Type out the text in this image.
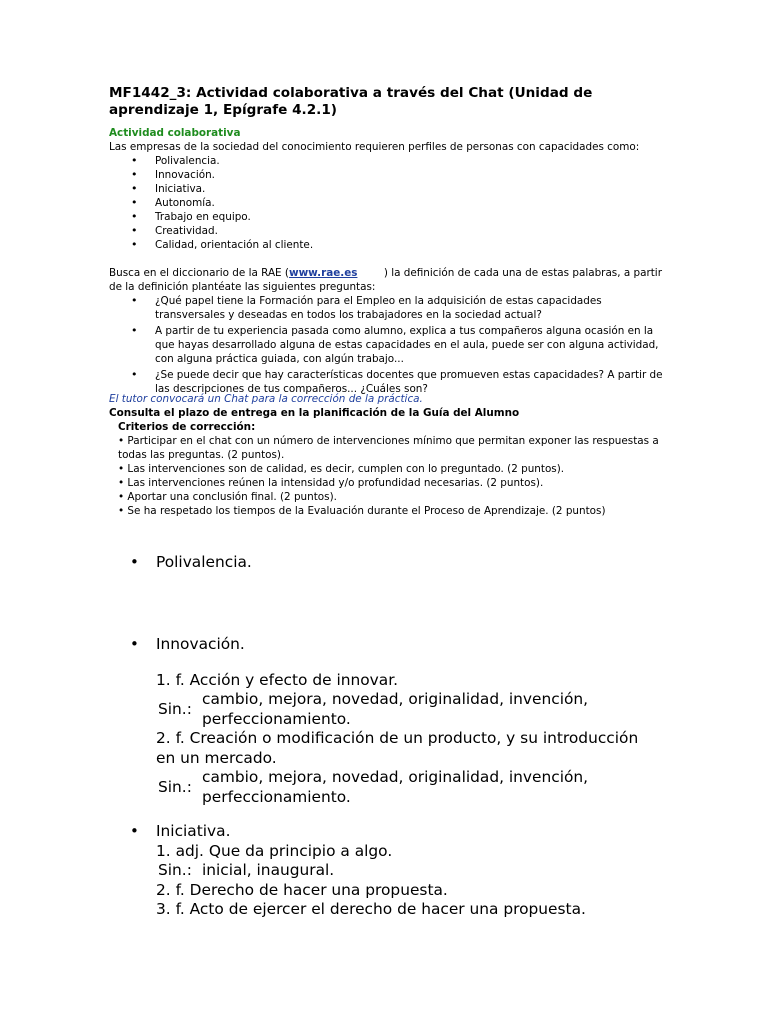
MF1442_3: Actividad colaborativa a través del Chat (Unidad de aprendizaje 1, Epígrafe 4.2.1)
Actividad colaborativa
Las empresas de la sociedad del conocimiento requieren perfiles de personas con capacidades como:
• Polivalencia.
• Innovación.
• Iniciativa.
• Autonomía.
• Trabajo en equipo.
• Creatividad.
• Calidad, orientación al cliente.
Busca en el diccionario de la RAE (www.rae.es        ) la definición de cada una de estas palabras, a partir de la definición plantéate las siguientes preguntas:
• ¿Qué papel tiene la Formación para el Empleo en la adquisición de estas capacidades transversales y deseadas en todos los trabajadores en la sociedad actual?
• A partir de tu experiencia pasada como alumno, explica a tus compañeros alguna ocasión en la que hayas desarrollado alguna de estas capacidades en el aula, puede ser con alguna actividad, con alguna práctica guiada, con algún trabajo...
• ¿Se puede decir que hay características docentes que promueven estas capacidades? A partir de las descripciones de tus compañeros... ¿Cuáles son?
El tutor convocará un Chat para la corrección de la práctica.
Consulta el plazo de entrega en la planificación de la Guía del Alumno
Criterios de corrección:
• Participar en el chat con un número de intervenciones mínimo que permitan exponer las respuestas a todas las preguntas. (2 puntos).
• Las intervenciones son de calidad, es decir, cumplen con lo preguntado. (2 puntos).
• Las intervenciones reúnen la intensidad y/o profundidad necesarias. (2 puntos).
• Aportar una conclusión final. (2 puntos).
• Se ha respetado los tiempos de la Evaluación durante el Proceso de Aprendizaje. (2 puntos)
•	Polivalencia.
•	Innovación.
1. f. Acción y efecto de innovar.
Sin.:
cambio, mejora, novedad, originalidad, invención, perfeccionamiento.
2. f. Creación o modificación de un producto, y su introducción en un mercado.
Sin.:
cambio, mejora, novedad, originalidad, invención, perfeccionamiento.
•	Iniciativa.
1. adj. Que da principio a algo.
Sin.: inicial, inaugural.
2. f. Derecho de hacer una propuesta.
3. f. Acto de ejercer el derecho de hacer una propuesta.
